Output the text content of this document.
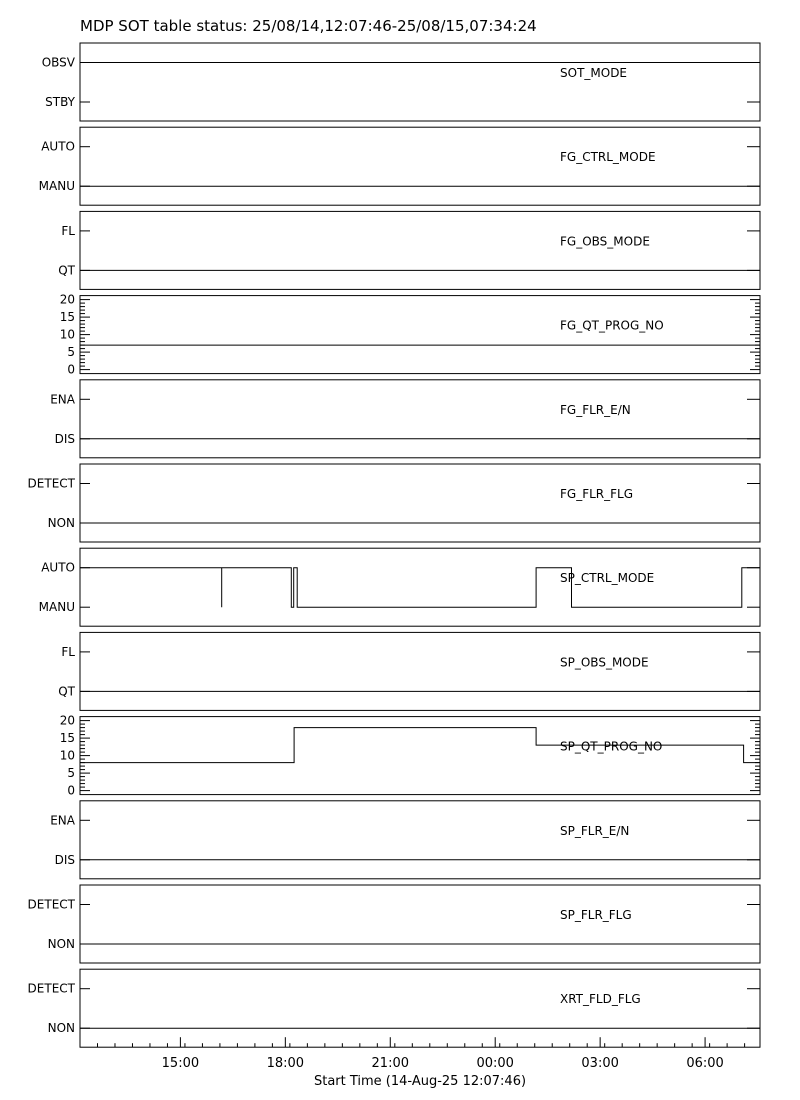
MDP SOT table status: 25/08/14,12:07:46-25/08/15,07:34:24
OBSV
STBY
SOT_MODE
AUTO
MANU
FG_CTRL_MODE
FL
QT
FG_OBS_MODE
0
5
10
15
20
FG_QT_PROG_NO
ENA
DIS
FG_FLR_E/N
DETECT
NON
FG_FLR_FLG
AUTO
MANU
SP_CTRL_MODE
FL
QT
SP_OBS_MODE
0
5
10
15
20
SP_QT_PROG_NO
ENA
DIS
SP_FLR_E/N
DETECT
NON
SP_FLR_FLG
DETECT
NON
XRT_FLD_FLG
15:00	18:00	21:00	00:00	03:00	06:00
Start Time (14-Aug-25 12:07:46)
